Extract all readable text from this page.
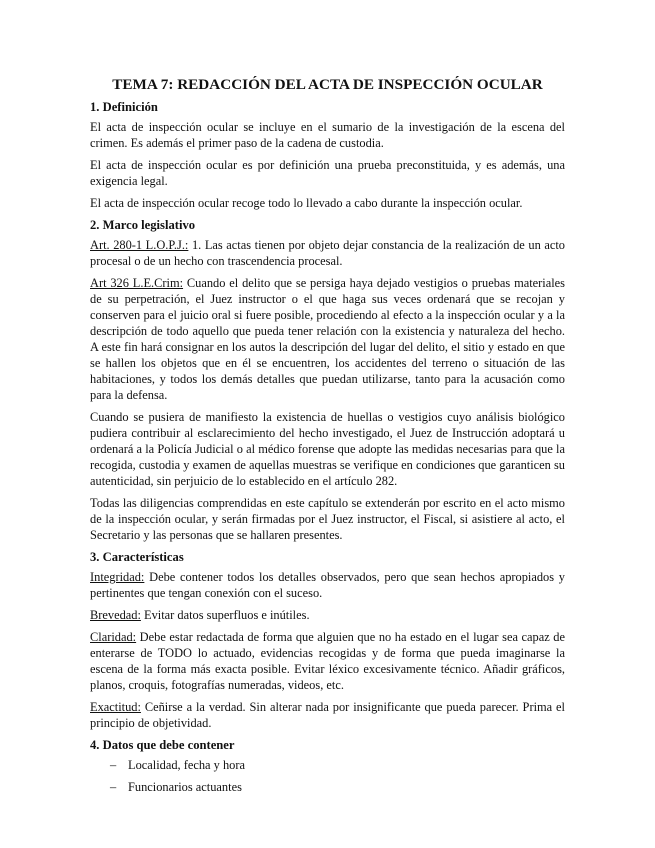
TEMA 7: REDACCIÓN DEL ACTA DE INSPECCIÓN OCULAR
1. Definición

El acta de inspección ocular se incluye en el sumario de la investigación de la escena del crimen. Es además el primer paso de la cadena de custodia.

El acta de inspección ocular es por definición una prueba preconstituida, y es además, una exigencia legal.

El acta de inspección ocular recoge todo lo llevado a cabo durante la inspección ocular.

2. Marco legislativo

Art. 280-1 L.O.P.J.: 1. Las actas tienen por objeto dejar constancia de la realización de un acto procesal o de un hecho con trascendencia procesal.

Art 326 L.E.Crim: Cuando el delito que se persiga haya dejado vestigios o pruebas materiales de su perpetración, el Juez instructor o el que haga sus veces ordenará que se recojan y conserven para el juicio oral si fuere posible, procediendo al efecto a la inspección ocular y a la descripción de todo aquello que pueda tener relación con la existencia y naturaleza del hecho. A este fin hará consignar en los autos la descripción del lugar del delito, el sitio y estado en que se hallen los objetos que en él se encuentren, los accidentes del terreno o situación de las habitaciones, y todos los demás detalles que puedan utilizarse, tanto para la acusación como para la defensa.

Cuando se pusiera de manifiesto la existencia de huellas o vestigios cuyo análisis biológico pudiera contribuir al esclarecimiento del hecho investigado, el Juez de Instrucción adoptará u ordenará a la Policía Judicial o al médico forense que adopte las medidas necesarias para que la recogida, custodia y examen de aquellas muestras se verifique en condiciones que garanticen su autenticidad, sin perjuicio de lo establecido en el artículo 282.

Todas las diligencias comprendidas en este capítulo se extenderán por escrito en el acto mismo de la inspección ocular, y serán firmadas por el Juez instructor, el Fiscal, si asistiere al acto, el Secretario y las personas que se hallaren presentes.

3. Características

Integridad: Debe contener todos los detalles observados, pero que sean hechos apropiados y pertinentes que tengan conexión con el suceso.

Brevedad: Evitar datos superfluos e inútiles.

Claridad: Debe estar redactada de forma que alguien que no ha estado en el lugar sea capaz de enterarse de TODO lo actuado, evidencias recogidas y de forma que pueda imaginarse la escena de la forma más exacta posible. Evitar léxico excesivamente técnico. Añadir gráficos, planos, croquis, fotografías numeradas, videos, etc.

Exactitud: Ceñirse a la verdad. Sin alterar nada por insignificante que pueda parecer. Prima el principio de objetividad.

4. Datos que debe contener
– Localidad, fecha y hora
– Funcionarios actuantes
